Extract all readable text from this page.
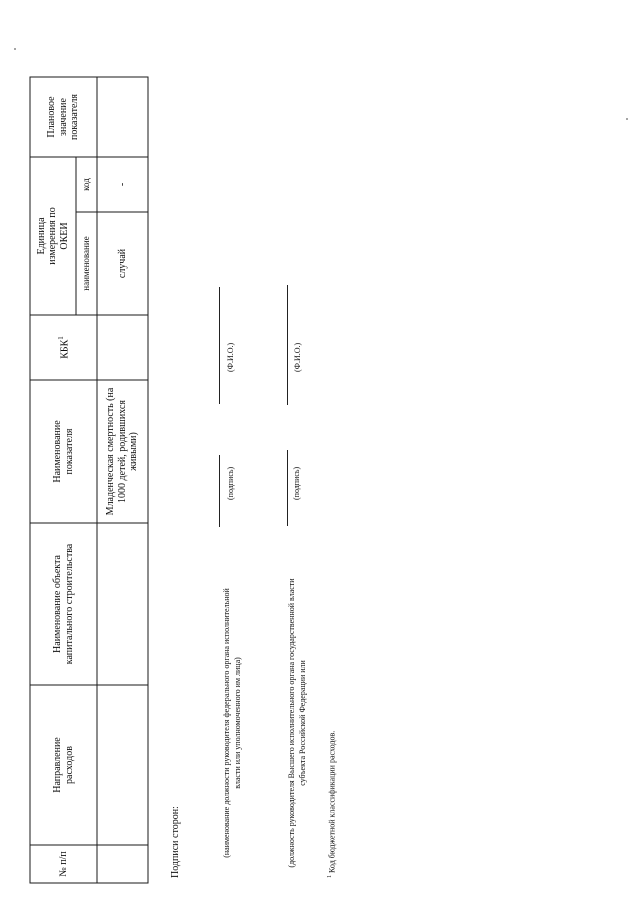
№ п/п
Направление расходов
Наименование объекта капитального строительства
Наименование показателя
КБК$^1$
Единица измерения по ОКЕИ
наименование
код
Плановое значение показателя
Младенческая смертность (на 1000 детей, родившихся живыми)
случай
-
Подписи сторон:	(наименование должности руководителя федерального органа исполнительной власти или уполномоченного им лица)
(подпись)
(Ф.И.О.)
(должность руководителя Высшего исполнительного органа государственной власти субъекта Российской Федерации или
(подпись)
(Ф.И.О.)
$^1$ Код бюджетной классификации расходов.
